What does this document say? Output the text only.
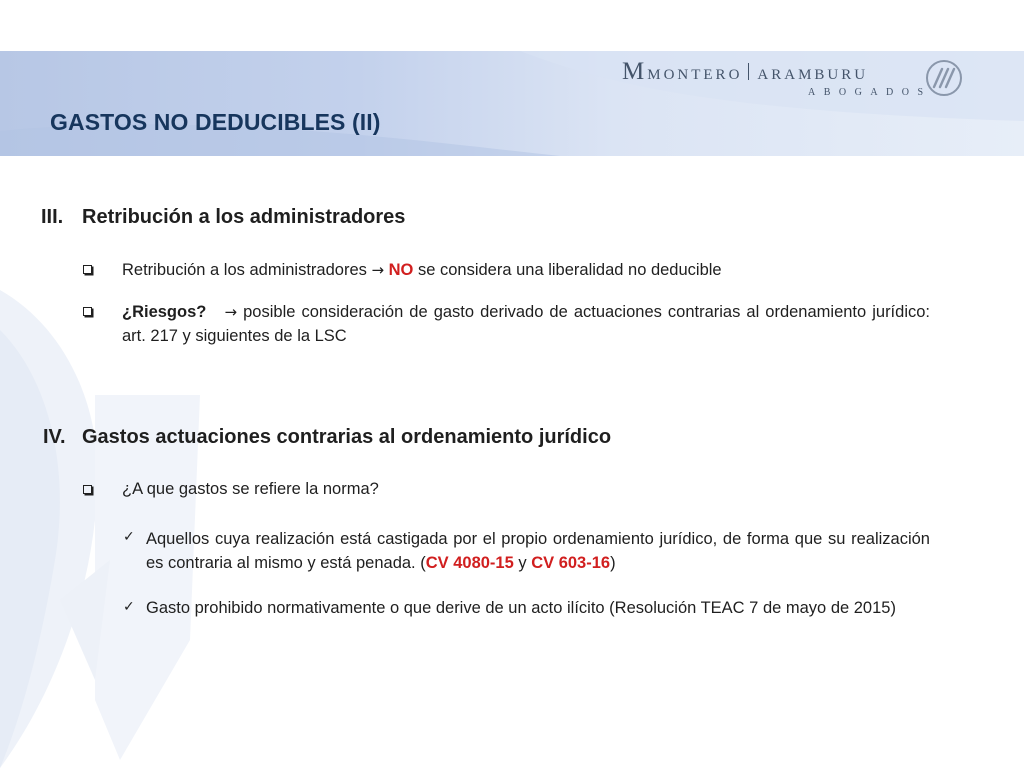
GASTOS NO DEDUCIBLES (II)
Mmontero aramburu
ABOGADOS
III. Retribución a los administradores
Retribución a los administradores → NO se considera una liberalidad no deducible
¿Riesgos? → posible consideración de gasto derivado de actuaciones contrarias al ordenamiento jurídico: art. 217 y siguientes de la LSC
IV. Gastos actuaciones contrarias al ordenamiento jurídico
¿A que gastos se refiere la norma?
✓ Aquellos cuya realización está castigada por el propio ordenamiento jurídico, de forma que su realización es contraria al mismo y está penada. (CV 4080-15 y CV 603-16)
✓ Gasto prohibido normativamente o que derive de un acto ilícito (Resolución TEAC 7 de mayo de 2015)
